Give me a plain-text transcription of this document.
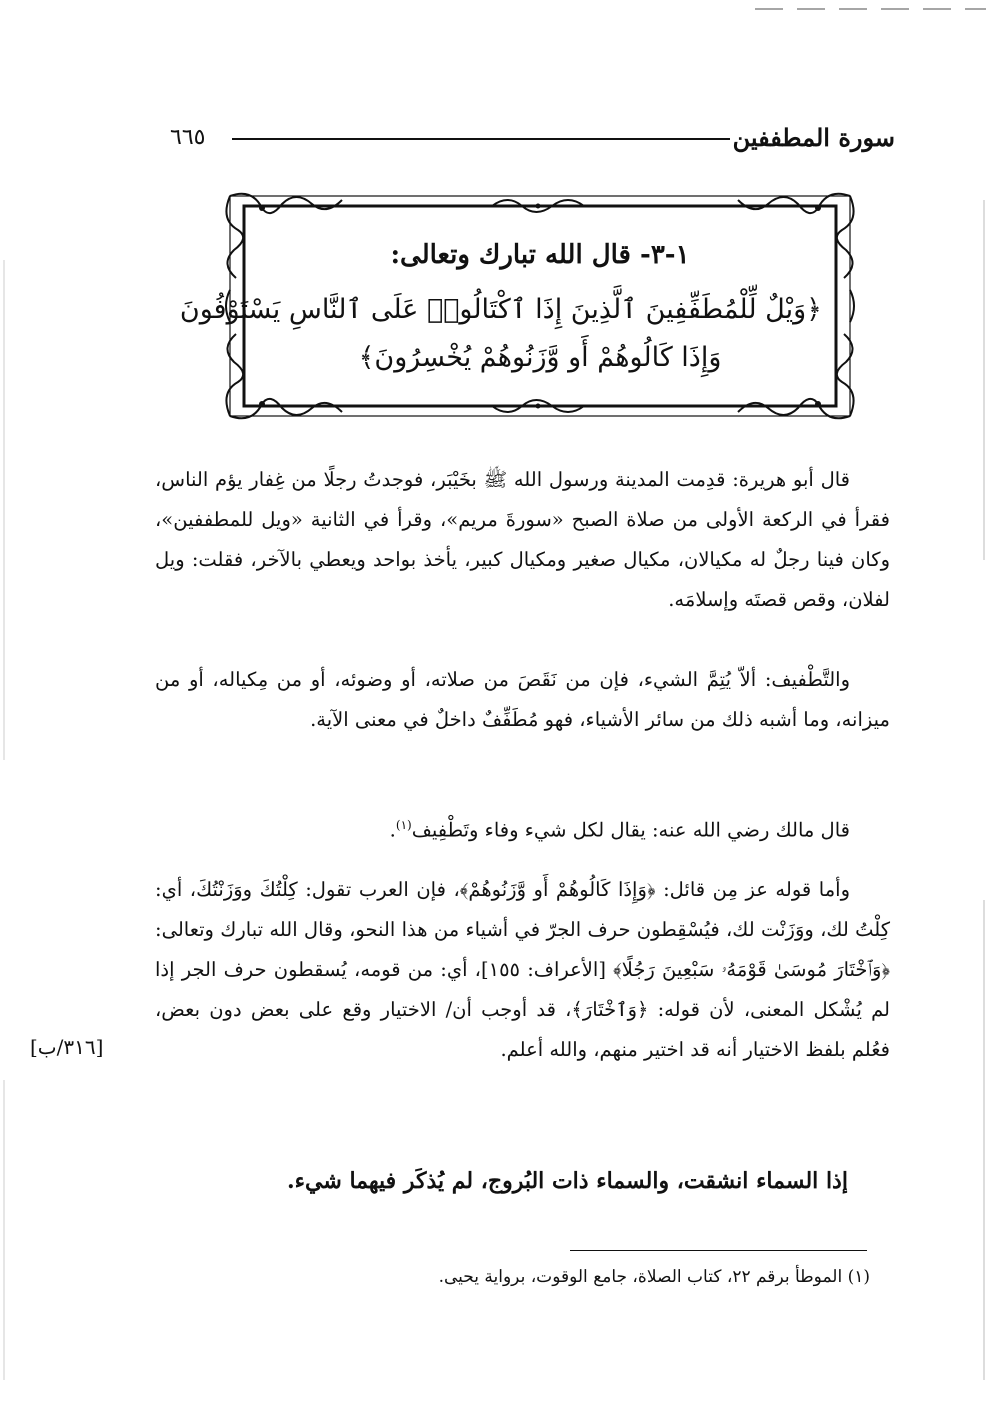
سورة المطففين
٦٦٥
١-٣- قال الله تبارك وتعالى:
﴿وَيْلٌ لِّلْمُطَفِّفِينَ ٱلَّذِينَ إِذَا ٱكْتَالُوا۟ عَلَى ٱلنَّاسِ يَسْتَوْفُونَ
وَإِذَا كَالُوهُمْ أَو وَّزَنُوهُمْ يُخْسِرُونَ﴾

قال أبو هريرة: قدِمت المدينة ورسول الله ﷺ بخَيْبَر، فوجدتُ رجلًا من غِفار يؤم الناس، فقرأ في الركعة الأولى من صلاة الصبح «سورةَ مريم»، وقرأ في الثانية «ويل للمطففين»، وكان فينا رجلٌ له مكيالان، مكيال صغير ومكيال كبير، يأخذ بواحد ويعطي بالآخر، فقلت: ويل لفلان، وقص قصتَه وإسلامَه.

والتَّطْفيف: ألاّ يُتِمَّ الشيء، فإن من نَقَصَ من صلاته، أو وضوئه، أو من مِكياله، أو من ميزانه، وما أشبه ذلك من سائر الأشياء، فهو مُطَفِّفٌ داخلٌ في معنى الآية.

قال مالك رضي الله عنه: يقال لكل شيء وفاء وتَطْفِيف$^{(١)}$.

وأما قوله عز مِن قائل: ﴿وَإِذَا كَالُوهُمْ أَو وَّزَنُوهُمْ﴾، فإن العرب تقول: كِلْتُكَ ووَزَنْتُكَ، أي: كِلْتُ لك، ووَزَنْت لك، فيُسْقِطون حرف الجرّ في أشياء من هذا النحو، وقال الله تبارك وتعالى: ﴿وَٱخْتَارَ مُوسَىٰ قَوْمَهُۥ سَبْعِينَ رَجُلًا﴾ [الأعراف: ١٥٥]، أي: من قومه، يُسقطون حرف الجر إذا لم يُشْكل المعنى، لأن قوله: ﴿وَٱخْتَارَ﴾، قد أوجب أن/ الاختيار وقع على بعض دون بعض، فعُلم بلفظ الاختيار أنه قد اختير منهم، والله أعلم.

[٣١٦/ب]
إذا السماء انشقت، والسماء ذات البُروج، لم يُذكَر فيهما شيء.
(١) الموطأ برقم ٢٢، كتاب الصلاة، جامع الوقوت، برواية يحيى.
